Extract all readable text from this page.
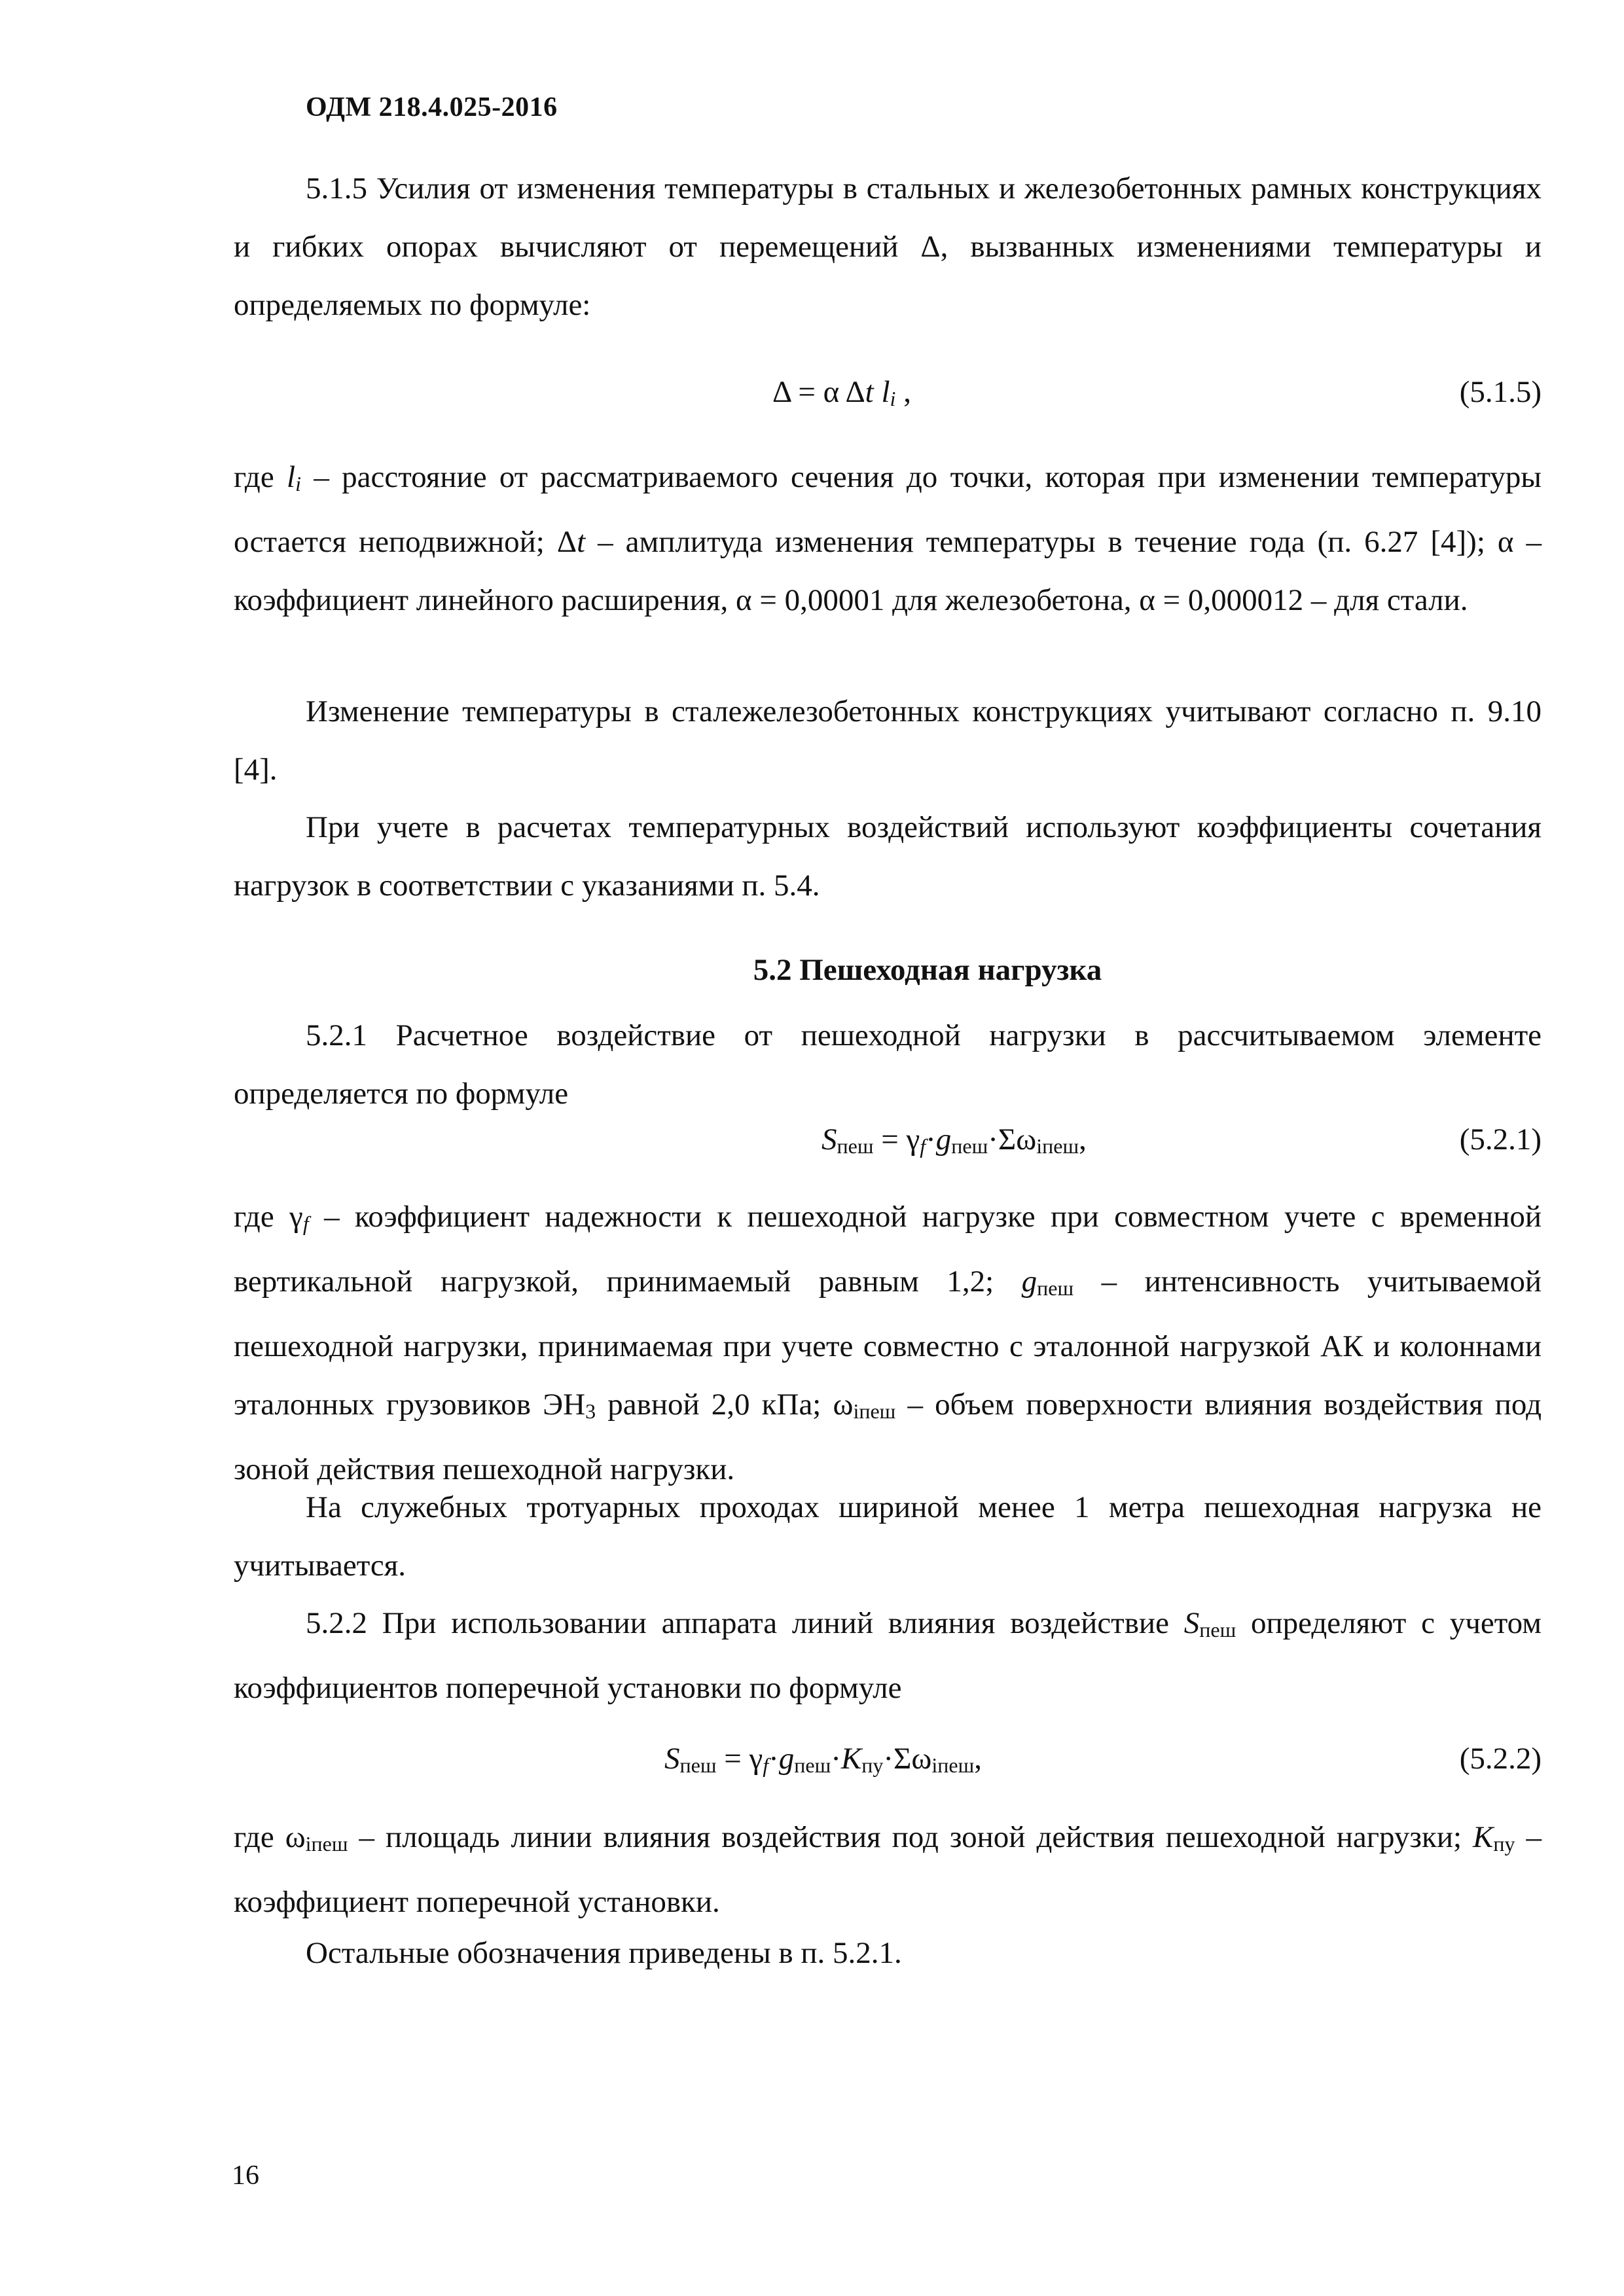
ОДМ 218.4.025-2016
5.1.5 Усилия от изменения температуры в стальных и железобетонных рамных конструкциях и гибких опорах вычисляют от перемещений Δ, вызванных изменениями температуры и определяемых по формуле:
Δ = α Δt $l_i$ ,	(5.1.5)
где $l_i$ – расстояние от рассматриваемого сечения до точки, которая при изменении температуры остается неподвижной; Δt – амплитуда изменения температуры в течение года (п. 6.27 [4]); α – коэффициент линейного расширения, α = 0,00001 для железобетона, α = 0,000012 – для стали.
Изменение температуры в сталежелезобетонных конструкциях учитывают согласно п. 9.10 [4].
При учете в расчетах температурных воздействий используют коэффициенты сочетания нагрузок в соответствии с указаниями п. 5.4.
5.2 Пешеходная нагрузка
5.2.1 Расчетное воздействие от пешеходной нагрузки в рассчитываемом элементе определяется по формуле
$S_{пеш} = \gamma_f\cdot g_{пеш}\cdot\Sigma\omega_{iпеш}$,	(5.2.1)
где $\gamma_f$ – коэффициент надежности к пешеходной нагрузке при совместном учете с временной вертикальной нагрузкой, принимаемый равным 1,2; $g_{пеш}$ – интенсивность учитываемой пешеходной нагрузки, принимаемая при учете совместно с эталонной нагрузкой АК и колоннами эталонных грузовиков $ЭН_3$ равной 2,0 кПа; $\omega_{iпеш}$ – объем поверхности влияния воздействия под зоной действия пешеходной нагрузки.
На служебных тротуарных проходах шириной менее 1 метра пешеходная нагрузка не учитывается.
5.2.2 При использовании аппарата линий влияния воздействие $S_{пеш}$ определяют с учетом коэффициентов поперечной установки по формуле
$S_{пеш} = \gamma_f\cdot g_{пеш}\cdot K_{пу}\cdot\Sigma\omega_{iпеш}$,	(5.2.2)
где $\omega_{iпеш}$ – площадь линии влияния воздействия под зоной действия пешеходной нагрузки; $K_{пу}$ – коэффициент поперечной установки.
Остальные обозначения приведены в п. 5.2.1.
16
